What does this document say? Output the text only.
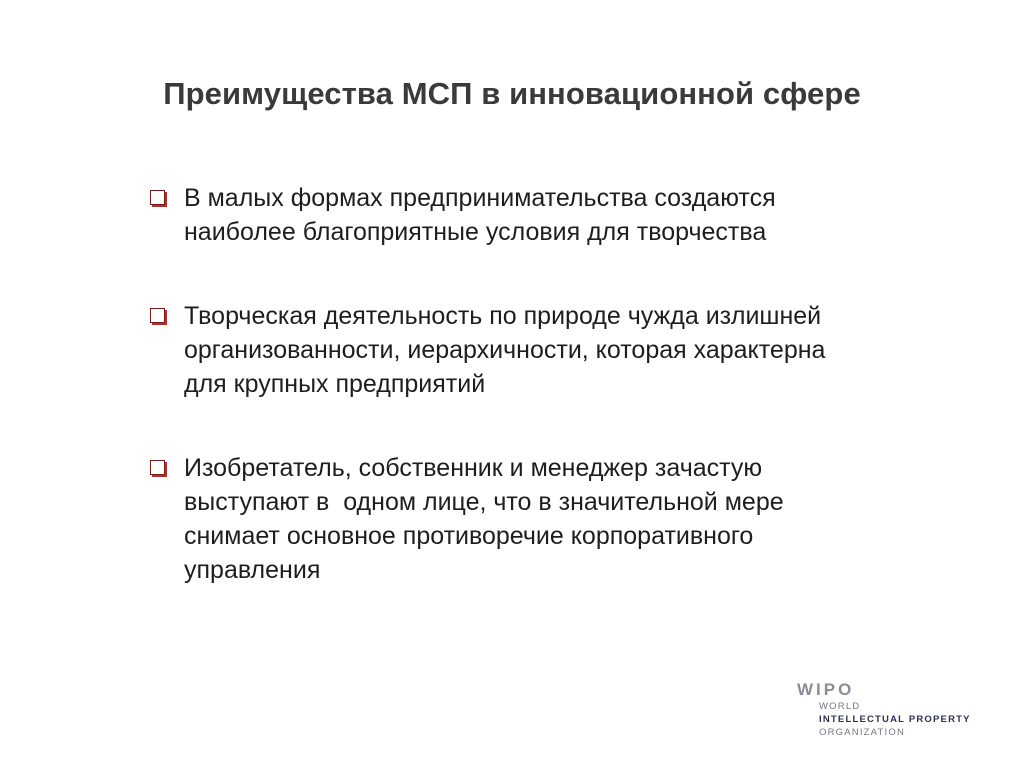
Преимущества МСП в инновационной сфере
В малых формах предпринимательства создаются
наиболее благоприятные условия для творчества
Творческая деятельность по природе чужда излишней
организованности, иерархичности, которая характерна
для крупных предприятий
Изобретатель, собственник и менеджер зачастую
выступают в  одном лице, что в значительной мере
снимает основное противоречие корпоративного
управления
WIPO
WORLD
INTELLECTUAL PROPERTY
ORGANIZATION
